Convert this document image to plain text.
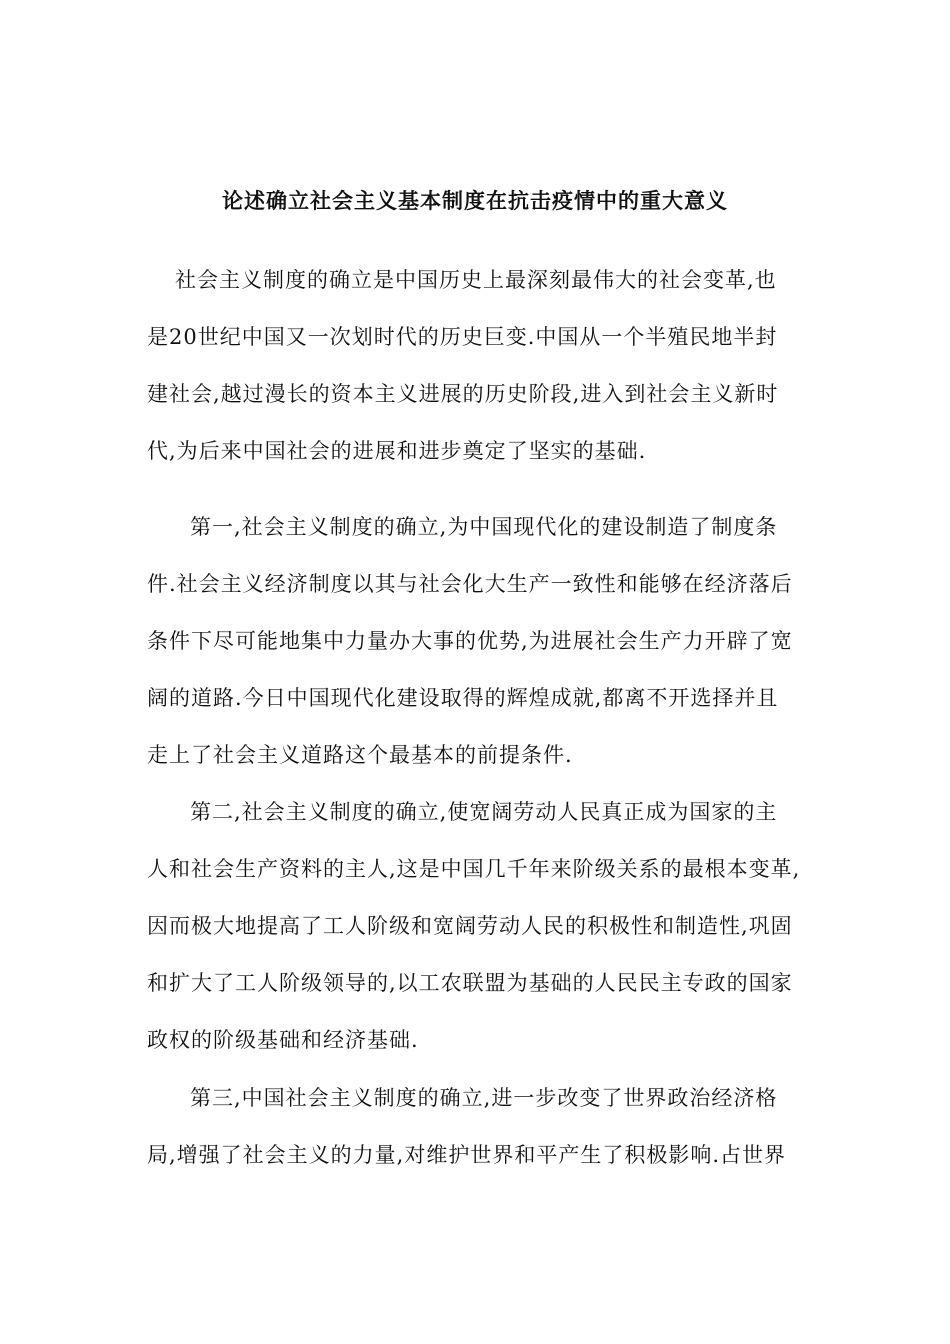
论述确立社会主义基本制度在抗击疫情中的重大意义
社会主义制度的确立是中国历史上最深刻最伟大的社会变革,也
是20世纪中国又一次划时代的历史巨变.中国从一个半殖民地半封
建社会,越过漫长的资本主义进展的历史阶段,进入到社会主义新时
代,为后来中国社会的进展和进步奠定了坚实的基础.
第一,社会主义制度的确立,为中国现代化的建设制造了制度条
件.社会主义经济制度以其与社会化大生产一致性和能够在经济落后
条件下尽可能地集中力量办大事的优势,为进展社会生产力开辟了宽
阔的道路.今日中国现代化建设取得的辉煌成就,都离不开选择并且
走上了社会主义道路这个最基本的前提条件.
第二,社会主义制度的确立,使宽阔劳动人民真正成为国家的主
人和社会生产资料的主人,这是中国几千年来阶级关系的最根本变革,
因而极大地提高了工人阶级和宽阔劳动人民的积极性和制造性,巩固
和扩大了工人阶级领导的,以工农联盟为基础的人民民主专政的国家
政权的阶级基础和经济基础.
第三,中国社会主义制度的确立,进一步改变了世界政治经济格
局,增强了社会主义的力量,对维护世界和平产生了积极影响.占世界
